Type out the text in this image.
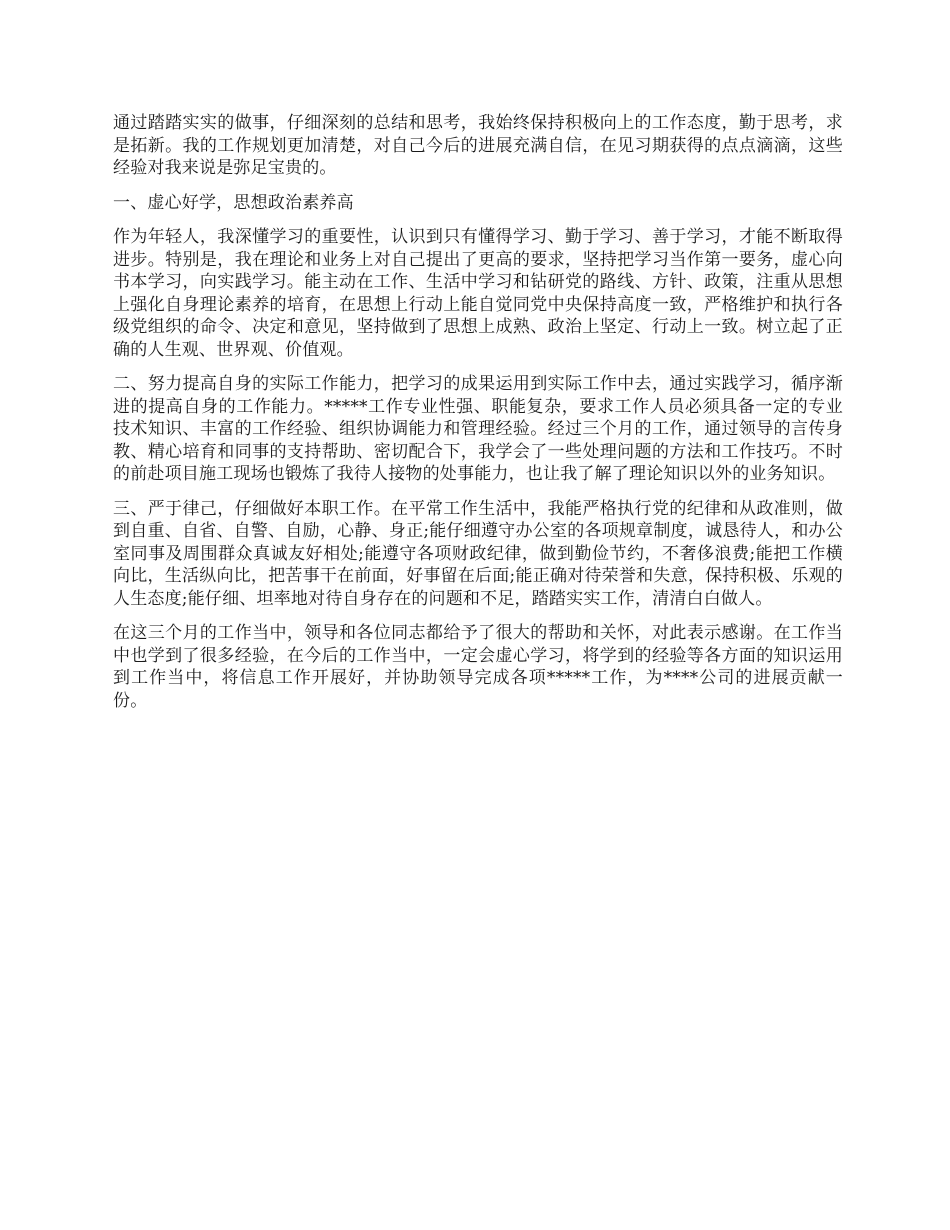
通过踏踏实实的做事，仔细深刻的总结和思考，我始终保持积极向上的工作态度，勤于思考，求是拓新。我的工作规划更加清楚，对自己今后的进展充满自信，在见习期获得的点点滴滴，这些经验对我来说是弥足宝贵的。

一、虚心好学，思想政治素养高

作为年轻人，我深懂学习的重要性，认识到只有懂得学习、勤于学习、善于学习，才能不断取得进步。特别是，我在理论和业务上对自己提出了更高的要求，坚持把学习当作第一要务，虚心向书本学习，向实践学习。能主动在工作、生活中学习和钻研党的路线、方针、政策，注重从思想上强化自身理论素养的培育，在思想上行动上能自觉同党中央保持高度一致，严格维护和执行各级党组织的命令、决定和意见，坚持做到了思想上成熟、政治上坚定、行动上一致。树立起了正确的人生观、世界观、价值观。

二、努力提高自身的实际工作能力，把学习的成果运用到实际工作中去，通过实践学习，循序渐进的提高自身的工作能力。*****工作专业性强、职能复杂，要求工作人员必须具备一定的专业技术知识、丰富的工作经验、组织协调能力和管理经验。经过三个月的工作，通过领导的言传身教、精心培育和同事的支持帮助、密切配合下，我学会了一些处理问题的方法和工作技巧。不时的前赴项目施工现场也锻炼了我待人接物的处事能力，也让我了解了理论知识以外的业务知识。

三、严于律己，仔细做好本职工作。在平常工作生活中，我能严格执行党的纪律和从政准则，做到自重、自省、自警、自励，心静、身正;能仔细遵守办公室的各项规章制度，诚恳待人，和办公室同事及周围群众真诚友好相处;能遵守各项财政纪律，做到勤俭节约，不奢侈浪费;能把工作横向比，生活纵向比，把苦事干在前面，好事留在后面;能正确对待荣誉和失意，保持积极、乐观的人生态度;能仔细、坦率地对待自身存在的问题和不足，踏踏实实工作，清清白白做人。

在这三个月的工作当中，领导和各位同志都给予了很大的帮助和关怀，对此表示感谢。在工作当中也学到了很多经验，在今后的工作当中，一定会虚心学习，将学到的经验等各方面的知识运用到工作当中，将信息工作开展好，并协助领导完成各项*****工作，为****公司的进展贡献一份。
